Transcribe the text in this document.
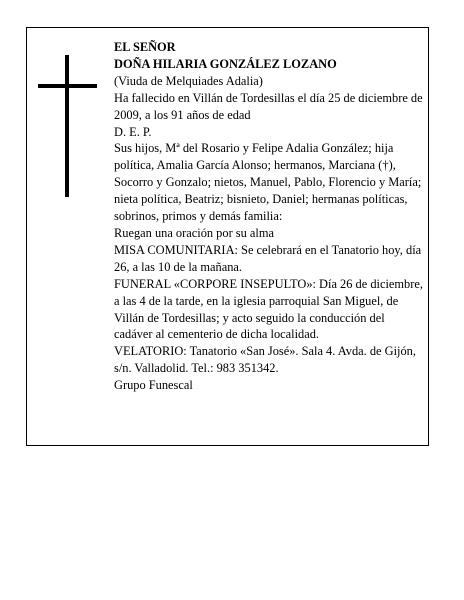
EL SEÑOR

DOÑA HILARIA GONZÁLEZ LOZANO

(Viuda de Melquiades Adalia)

Ha fallecido en Villán de Tordesillas el día 25 de diciembre de 2009, a los 91 años de edad

D. E. P.

Sus hijos, Mª del Rosario y Felipe Adalia González; hija política, Amalia García Alonso; hermanos, Marciana (†), Socorro y Gonzalo; nietos, Manuel, Pablo, Florencio y María; nieta política, Beatriz; bisnieto, Daniel; hermanas políticas, sobrinos, primos y demás familia:

Ruegan una oración por su alma

MISA COMUNITARIA: Se celebrará en el Tanatorio hoy, día 26, a las 10 de la mañana.

FUNERAL «CORPORE INSEPULTO»: Día 26 de diciembre, a las 4 de la tarde, en la iglesia parroquial San Miguel, de Villán de Tordesillas; y acto seguido la conducción del cadáver al cementerio de dicha localidad.

VELATORIO: Tanatorio «San José». Sala 4. Avda. de Gijón, s/n. Valladolid. Tel.: 983 351342.

Grupo Funescal
